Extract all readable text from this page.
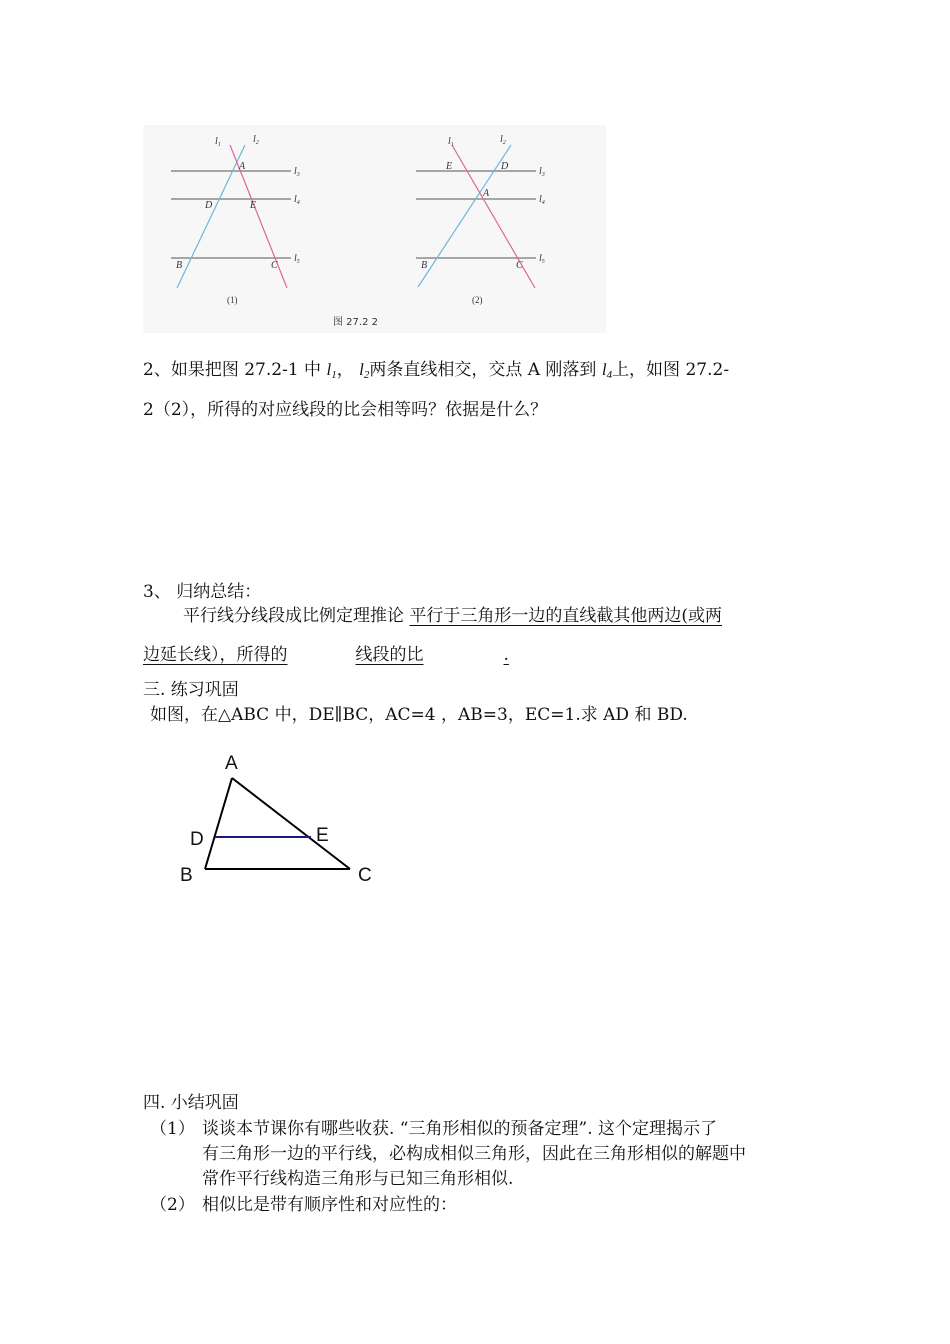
$l_1$	$l_2$
$l_3$
$l_4$
$l_5$
A
D	E
B	C
(1)
$l_1$	$l_2$
$l_3$
$l_4$
$l_5$
E	D
A
B	C
(2)
图 27.2 2
2、如果把图 27.2-1 中 $l_1$， $l_2$两条直线相交，交点 A 刚落到 $l_4$上，如图 27.2-
2（2），所得的对应线段的比会相等吗？依据是什么？
3、 归纳总结：
平行线分线段成比例定理推论 平行于三角形一边的直线截其他两边(或两
边延长线），所得的	线段的比	.
三. 练习巩固
如图，在△ABC 中，DE∥BC，AC=4 ，AB=3，EC=1.求 AD 和 BD.
A
D	E
B	C
四. 小结巩固
（1） 谈谈本节课你有哪些收获. “三角形相似的预备定理”. 这个定理揭示了
有三角形一边的平行线，必构成相似三角形，因此在三角形相似的解题中
常作平行线构造三角形与已知三角形相似.
（2） 相似比是带有顺序性和对应性的：
